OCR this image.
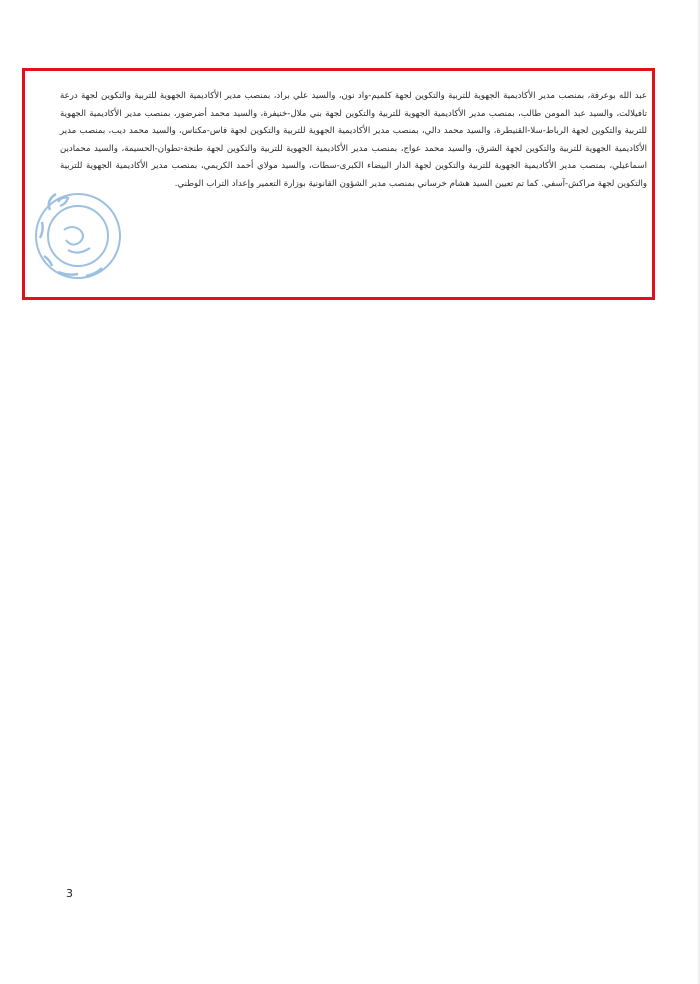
عبد الله بوعرفة، بمنصب مدير الأكاديمية الجهوية للتربية والتكوين لجهة كلميم-واد نون، والسيد علي براد، بمنصب مدير الأكاديمية الجهوية للتربية والتكوين لجهة درعة تافيلالت، والسيد عبد المومن طالب، بمنصب مدير الأكاديمية الجهوية للتربية والتكوين لجهة بني ملال-خنيفرة، والسيد محمد أضرضور، بمنصب مدير الأكاديمية الجهوية للتربية والتكوين لجهة الرباط-سلا-القنيطرة، والسيد محمد دالي، بمنصب مدير الأكاديمية الجهوية للتربية والتكوين لجهة فاس-مكناس، والسيد محمد ديب، بمنصب مدير الأكاديمية الجهوية للتربية والتكوين لجهة الشرق، والسيد محمد عواج، بمنصب مدير الأكاديمية الجهوية للتربية والتكوين لجهة طنجة-تطوان-الحسيمة، والسيد محمادين اسماعيلي، بمنصب مدير الأكاديمية الجهوية للتربية والتكوين لجهة الدار البيضاء الكبرى-سطات، والسيد مولاي أحمد الكريمي، بمنصب مدير الأكاديمية الجهوية للتربية والتكوين لجهة مراكش-آسفي. كما تم تعيين السيد هشام خرساني بمنصب مدير الشؤون القانونية بوزارة التعمير وإعداد التراب الوطني.
3
